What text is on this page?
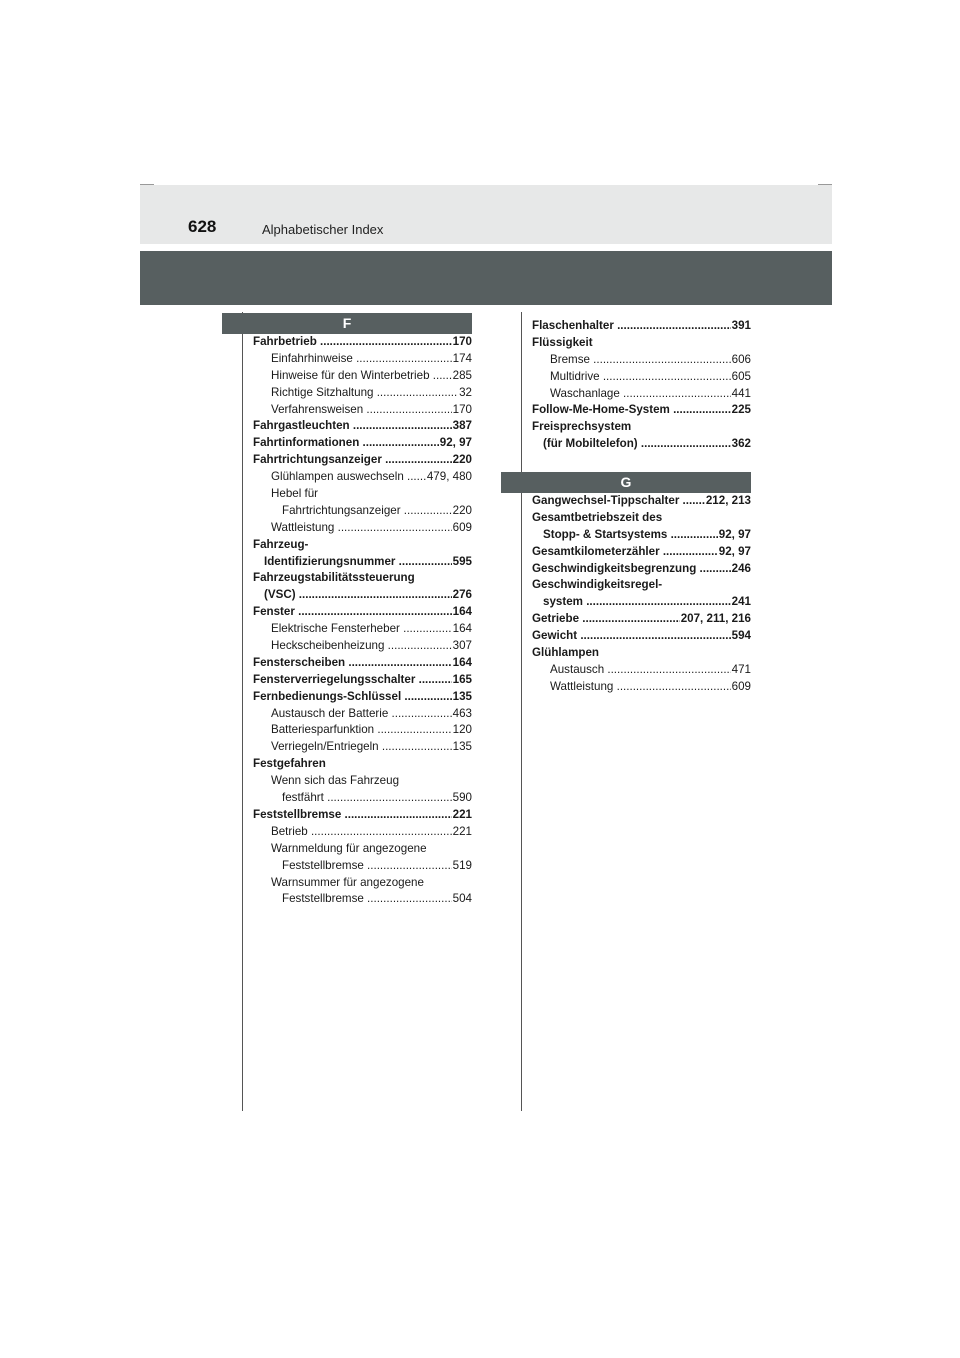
628	Alphabetischer Index
F
G
Fahrbetrieb .....	170
Einfahrhinweise .....	174
Hinweise für den Winterbetrieb .....	285
Richtige Sitzhaltung .....	32
Verfahrensweisen .....	170
Fahrgastleuchten .....	387
Fahrtinformationen .....	92, 97
Fahrtrichtungsanzeiger .....	220
Glühlampen auswechseln .....	479, 480
Hebel für
Fahrtrichtungsanzeiger .....	220
Wattleistung .....	609
Fahrzeug-
Identifizierungsnummer .....	595
Fahrzeugstabilitätssteuerung
(VSC) .....	276
Fenster .....	164
Elektrische Fensterheber .....	164
Heckscheibenheizung .....	307
Fensterscheiben .....	164
Fensterverriegelungsschalter .....	165
Fernbedienungs-Schlüssel .....	135
Austausch der Batterie .....	463
Batteriesparfunktion .....	120
Verriegeln/Entriegeln .....	135
Festgefahren
Wenn sich das Fahrzeug
festfährt .....	590
Feststellbremse .....	221
Betrieb .....	221
Warnmeldung für angezogene
Feststellbremse .....	519
Warnsummer für angezogene
Feststellbremse .....	504
Flaschenhalter .....	391
Flüssigkeit
Bremse .....	606
Multidrive .....	605
Waschanlage .....	441
Follow-Me-Home-System .....	225
Freisprechsystem
(für Mobiltelefon) .....	362
Gangwechsel-Tippschalter .....	212, 213
Gesamtbetriebszeit des
Stopp- & Startsystems .....	92, 97
Gesamtkilometerzähler .....	92, 97
Geschwindigkeitsbegrenzung .....	246
Geschwindigkeitsregel-
system .....	241
Getriebe .....	207, 211, 216
Gewicht .....	594
Glühlampen
Austausch .....	471
Wattleistung .....	609
